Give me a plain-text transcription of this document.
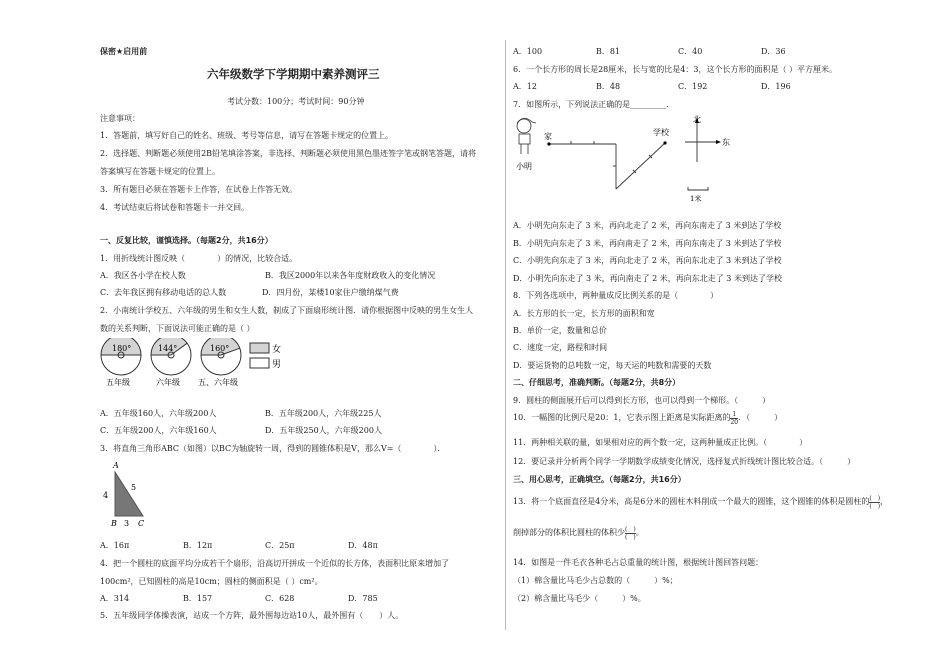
保密★启用前
六年级数学下学期期中素养测评三
考试分数：100分；考试时间：90分钟
注意事项：
1．答题前，填写好自己的姓名、班级、考号等信息，请写在答题卡规定的位置上。
2．选择题、判断题必须使用2B铅笔填涂答案，非选择、判断题必须使用黑色墨迹签字笔或钢笔答题，请将
答案填写在答题卡规定的位置上。
3．所有题目必须在答题卡上作答，在试卷上作答无效。
4．考试结束后将试卷和答题卡一并交回。
一、反复比较，谨慎选择。（每题2分，共16分）
1．用折线统计图反映（　　　　）的情况，比较合适。
A．我区各小学在校人数	B．我区2000年以来各年度财政收入的变化情况
C．去年我区拥有移动电话的总人数	D．四月份，某楼10家住户缴纳煤气费
2．小南统计学校五、六年级的男生和女生人数，制成了下面扇形统计图．请你根据图中反映的男生女生人
数的关系判断，下面说法可能正确的是（ ）
180°
五年级
144°
六年级
160°
五、六年级
女
男
A．五年级160人，六年级200人	B．五年级200人，六年级225人
C．五年级200人，六年级160人	D．五年级250人，六年级200人
3．将直角三角形ABC（如图）以BC为轴旋转一周，得到的圆锥体积是V，那么V=（　　　　）．
A
4
5
B 3 C
A．16π	B．12π	C．25π	D．48π
4．把一个圆柱的底面平均分成若干个扇形，沿高切开拼成一个近似的长方体，表面积比原来增加了
100cm²，已知圆柱的高是10cm；圆柱的侧面积是（ ）cm²。
A．314	B．157	C．628	D．785
5．五年级同学体操表演，站成一个方阵，最外围每边站10人，最外围有（　　）人。
A．100	B．81	C．40	D．36
6．一个长方形的周长是28厘米，长与宽的比是4：3，这个长方形的面积是（ ）平方厘米。
A．12	B．48	C．192	D．196
7．如图所示，下列说法正确的是_________．
小明
家	学校
北
东
1米
A．小明先向东走了 3 米，再向北走了 2 米，再向东南走了 3 米到达了学校
B．小明先向东走了 3 米，再向南走了 2 米，再向东南走了 3 米到达了学校
C．小明先向东走了 3 米，再向北走了 2 米，再向东北走了 3 米到达了学校
D．小明先向东走了 3 米，再向南走了 2 米，再向东北走了 3 米到达了学校
8．下列各选项中，两种量成反比例关系的是（　　　　）
A．长方形的长一定，长方形的面积和宽
B．单价一定，数量和总价
C．速度一定，路程和时间
D．要运货物的总吨数一定，每天运的吨数和需要的天数
二、仔细思考，准确判断。（每题2分，共8分）
9．圆柱的侧面展开后可以得到长方形，也可以得到一个梯形。（　　　）
10．一幅图的比例尺是20：1，它表示图上距离是实际距离的 $\frac{1}{20}$ ．（　　　）
11．两种相关联的量，如果相对应的两个数一定，这两种量成正比例。（　　　　）
12．要记录并分析两个同学一学期数学成绩变化情况，选择复式折线统计图比较合适。（　　　）
三、用心思考，正确填空。（每题2分，共16分）
13．将一个底面直径是4分米，高是6分米的圆柱木料削成一个最大的圆锥，这个圆锥的体积是圆柱的 $\frac{( )}{( )}$ ，
削掉部分的体积比圆柱的体积少 $\frac{( )}{( )}$ 。
14．如图是一件毛衣各种毛占总重量的统计图，根据统计图回答问题：
（1）棉含量比马毛少占总数的（　　　）%；
（2）棉含量比马毛少（　　　）%。
